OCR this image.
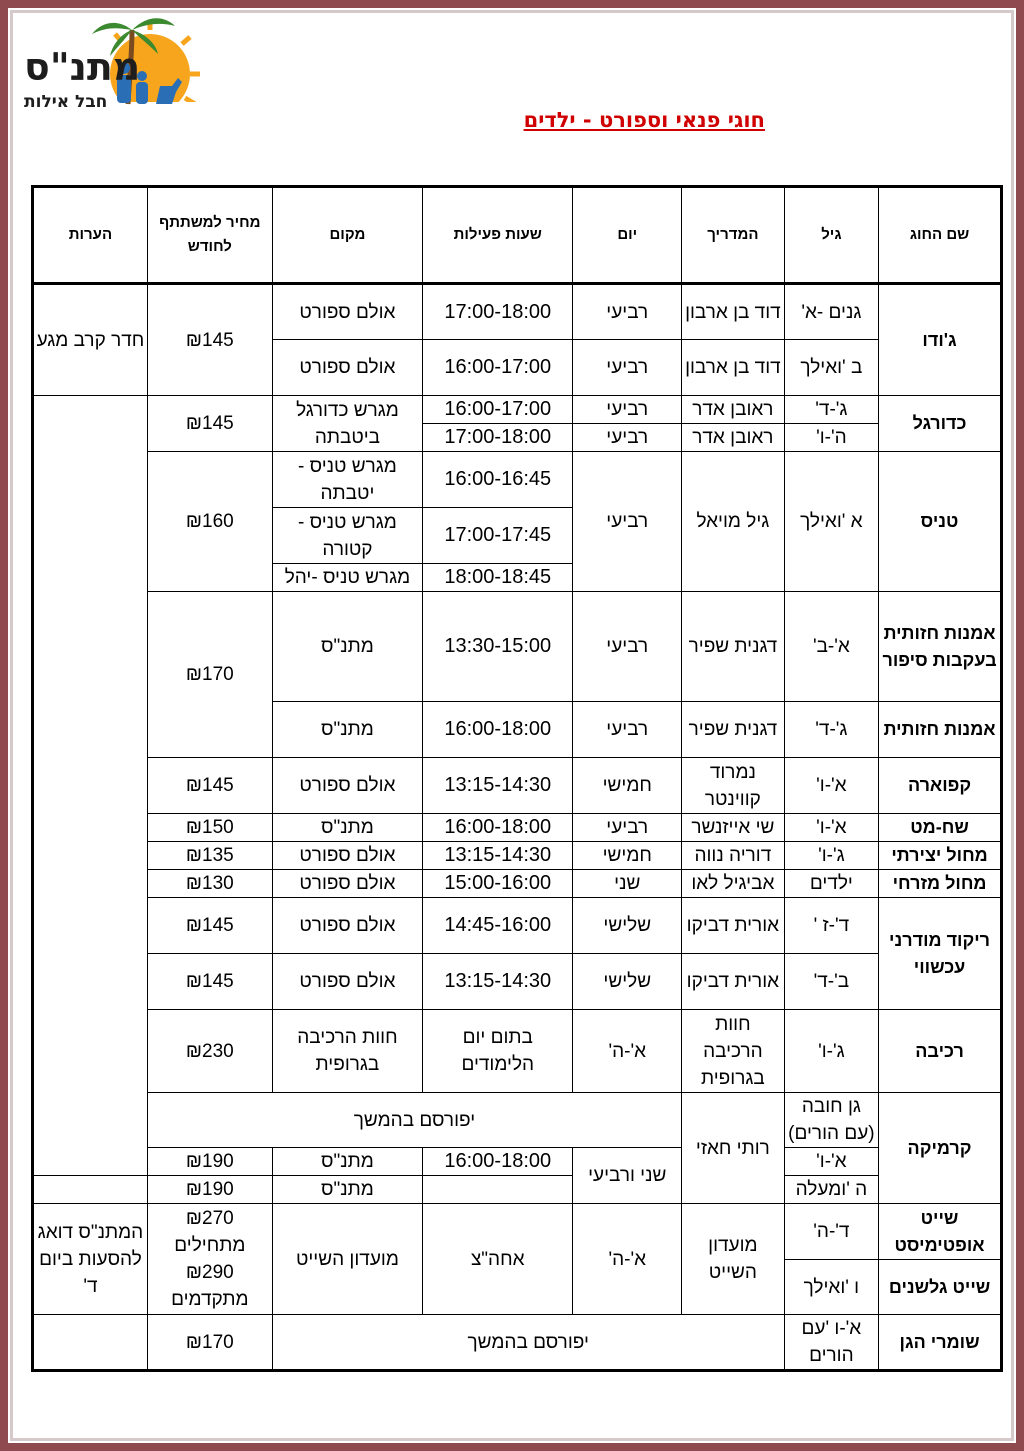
מתנ"ס
חבל אילות
חוגי פנאי וספורט - ילדים
שם החוג	גיל	המדריך	יום	שעות פעילות	מקום	מחיר למשתתף לחודש	הערות
ג'ודו	גנים -א'	דוד בן ארבון	רביעי	17:00-18:00	אולם ספורט	₪145	חדר קרב מגע
	ב 'ואילך	דוד בן ארבון	רביעי	16:00-17:00	אולם ספורט		
כדורגל	ג'-ד'	ראובן אדר	רביעי	16:00-17:00	מגרש כדורגל ביטבתה	₪145	
	ה'-ו'	ראובן אדר	רביעי	17:00-18:00			
טניס	א 'ואילך	גיל מויאל	רביעי	16:00-16:45	מגרש טניס - יטבתה	₪160	
				17:00-17:45	מגרש טניס - קטורה		
				18:00-18:45	מגרש טניס -יהל		
אמנות חזותית בעקבות סיפור	א'-ב'	דגנית שפיר	רביעי	13:30-15:00	מתנ"ס	₪170	
אמנות חזותית	ג'-ד'	דגנית שפיר	רביעי	16:00-18:00	מתנ"ס		
קפוארה	א'-ו'	נמרוד קווינטר	חמישי	13:15-14:30	אולם ספורט	₪145	
שח-מט	א'-ו'	שי אייזנשר	רביעי	16:00-18:00	מתנ"ס	₪150	
מחול יצירתי	ג'-ו'	דוריה נווה	חמישי	13:15-14:30	אולם ספורט	₪135	
מחול מזרחי	ילדים	אביגיל לאו	שני	15:00-16:00	אולם ספורט	₪130	
ריקוד מודרני עכשווי	ד'-ז '	אורית דביקו	שלישי	14:45-16:00	אולם ספורט	₪145	
	ב'-ד'	אורית דביקו	שלישי	13:15-14:30	אולם ספורט	₪145	
רכיבה	ג'-ו'	חוות הרכיבה בגרופית	א'-ה'	בתום יום הלימודים	חוות הרכיבה בגרופית	₪230	
קרמיקה	גן חובה (עם הורים)	רותי חאזי	יפורסם בהמשך				
	א'-ו'		שני ורביעי	16:00-18:00	מתנ"ס	₪190	
	ה 'ומעלה				מתנ"ס	₪190	
שייט אופטימיסט	ד'-ה'	מועדון השייט	א'-ה'	אחה"צ	מועדון השייט	₪270 מתחילים ₪290 מתקדמים	המתנ"ס דואג להסעות ביום ד'
שייט גלשנים	ו 'ואילך						
שומרי הגן	א'-ו 'עם הורים	יפורסם בהמשך				₪170	
